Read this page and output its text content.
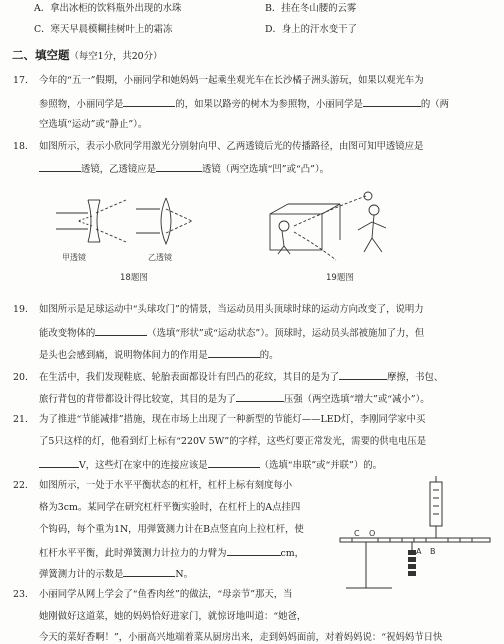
A．拿出冰柜的饮料瓶外出现的水珠	B．挂在冬山腰的云雾
C．寒天早晨模糊挂树叶上的霜冻	D．身上的汗水变干了
二、填空题（每空1分，共20分）
17. 今年的“五一”假期，小丽同学和她妈妈一起乘坐观光车在长沙橘子洲头游玩，如果以观光车为
参照物，小丽同学是	的，如果以路旁的树木为参照物，小丽同学是	的（两
空选填“运动”或“静止”）。
18. 如图所示，表示小欣同学用激光分别射向甲、乙两透镜后光的传播路径，由图可知甲透镜应是
透镜，乙透镜应是	透镜（两空选填“凹”或“凸”）。
甲透镜	乙透镜
18题图	19题图
19. 如图所示是足球运动中“头球攻门”的情景，当运动员用头顶球时球的运动方向改变了，说明力
能改变物体的	（选填“形状”或“运动状态”）。顶球时，运动员头部被施加了力，但
是头也会感到痛，说明物体间力的作用是	的。
20. 在生活中，我们发现鞋底、轮胎表面都设计有凹凸的花纹，其目的是为了	摩擦，书包、
旅行背包的背带都设计得比较宽，其目的是为了	压强（两空选填“增大”或“减小”）。
21. 为了推进“节能减排”措施，现在市场上出现了一种新型的节能灯——LED灯，李刚同学家中买
了5只这样的灯，他看到灯上标有“220V 5W”的字样，这些灯要正常发光，需要的供电电压是
V，这些灯在家中的连接应该是	（选填“串联”或“并联”）的。
22. 如图所示，一处于水平平衡状态的杠杆，杠杆上标有刻度每小
格为3cm。某同学在研究杠杆平衡实验时，在杠杆上的A点挂四
个钩码，每个重为1N，用弹簧测力计在B点竖直向上拉杠杆，使
杠杆水平平衡，此时弹簧测力计拉力的力臂为	cm，
弹簧测力计的示数是	N。
C O
A B
23. 小丽同学从网上学会了“鱼香肉丝”的做法，“母亲节”那天，当
她刚做好这道菜，她的妈妈恰好进家门，就惊讶地叫道：“她爸，
今天的菜好香啊！”，小丽高兴地端着菜从厨房出来，走到妈妈面前，对着妈妈说：“祝妈妈节日快
